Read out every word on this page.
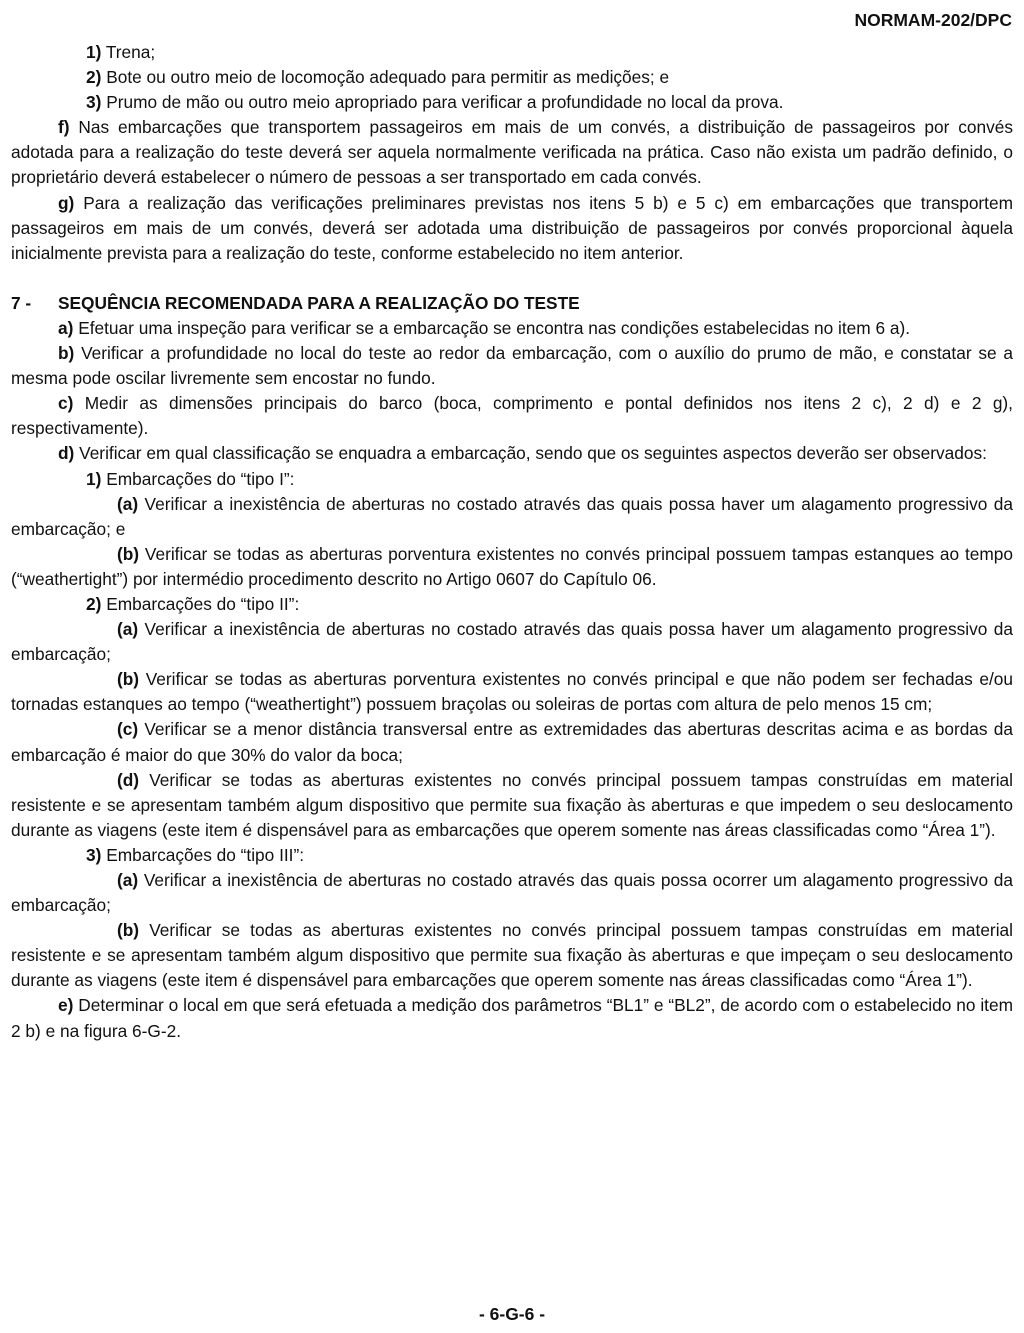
NORMAM-202/DPC

1) Trena;

2) Bote ou outro meio de locomoção adequado para permitir as medições; e

3) Prumo de mão ou outro meio apropriado para verificar a profundidade no local da prova.

f) Nas embarcações que transportem passageiros em mais de um convés, a distribuição de passageiros por convés adotada para a realização do teste deverá ser aquela normalmente verificada na prática. Caso não exista um padrão definido, o proprietário deverá estabelecer o número de pessoas a ser transportado em cada convés.

g) Para a realização das verificações preliminares previstas nos itens 5 b) e 5 c) em embarcações que transportem passageiros em mais de um convés, deverá ser adotada uma distribuição de passageiros por convés proporcional àquela inicialmente prevista para a realização do teste, conforme estabelecido no item anterior.

7 - SEQUÊNCIA RECOMENDADA PARA A REALIZAÇÃO DO TESTE

a) Efetuar uma inspeção para verificar se a embarcação se encontra nas condições estabelecidas no item 6 a).

b) Verificar a profundidade no local do teste ao redor da embarcação, com o auxílio do prumo de mão, e constatar se a mesma pode oscilar livremente sem encostar no fundo.

c) Medir as dimensões principais do barco (boca, comprimento e pontal definidos nos itens 2 c), 2 d) e 2 g), respectivamente).

d) Verificar em qual classificação se enquadra a embarcação, sendo que os seguintes aspectos deverão ser observados:

1) Embarcações do “tipo I”:

(a) Verificar a inexistência de aberturas no costado através das quais possa haver um alagamento progressivo da embarcação; e

(b) Verificar se todas as aberturas porventura existentes no convés principal possuem tampas estanques ao tempo (“weathertight”) por intermédio procedimento descrito no Artigo 0607 do Capítulo 06.

2) Embarcações do “tipo II”:

(a) Verificar a inexistência de aberturas no costado através das quais possa haver um alagamento progressivo da embarcação;

(b) Verificar se todas as aberturas porventura existentes no convés principal e que não podem ser fechadas e/ou tornadas estanques ao tempo (“weathertight”) possuem braçolas ou soleiras de portas com altura de pelo menos 15 cm;

(c) Verificar se a menor distância transversal entre as extremidades das aberturas descritas acima e as bordas da embarcação é maior do que 30% do valor da boca;

(d) Verificar se todas as aberturas existentes no convés principal possuem tampas construídas em material resistente e se apresentam também algum dispositivo que permite sua fixação às aberturas e que impedem o seu deslocamento durante as viagens (este item é dispensável para as embarcações que operem somente nas áreas classificadas como “Área 1”).

3) Embarcações do “tipo III”:

(a) Verificar a inexistência de aberturas no costado através das quais possa ocorrer um alagamento progressivo da embarcação;

(b) Verificar se todas as aberturas existentes no convés principal possuem tampas construídas em material resistente e se apresentam também algum dispositivo que permite sua fixação às aberturas e que impeçam o seu deslocamento durante as viagens (este item é dispensável para embarcações que operem somente nas áreas classificadas como “Área 1”).

e) Determinar o local em que será efetuada a medição dos parâmetros “BL1” e “BL2”, de acordo com o estabelecido no item 2 b) e na figura 6-G-2.

- 6-G-6 -
